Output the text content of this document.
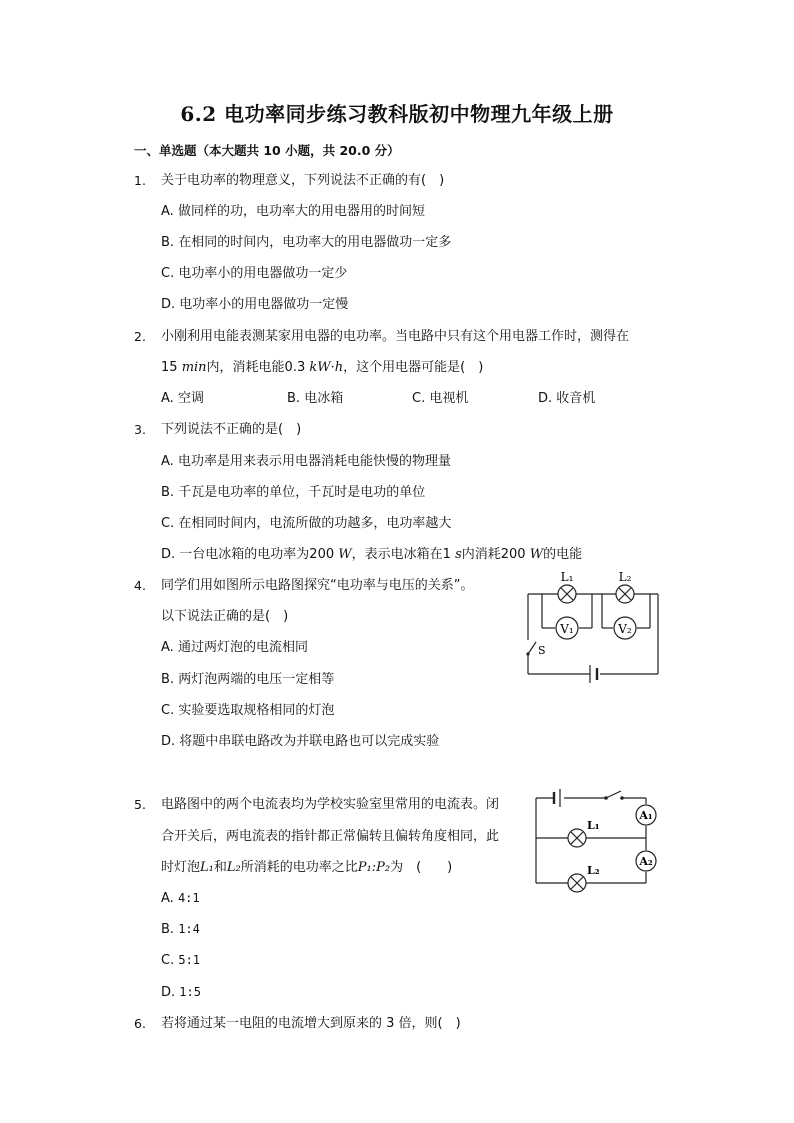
6.2 电功率同步练习教科版初中物理九年级上册
一、单选题（本大题共 10 小题，共 20.0 分）
1. 关于电功率的物理意义，下列说法不正确的有(　)
A. 做同样的功，电功率大的用电器用的时间短
B. 在相同的时间内，电功率大的用电器做功一定多
C. 电功率小的用电器做功一定少
D. 电功率小的用电器做功一定慢
2. 小刚利用电能表测某家用电器的电功率。当电路中只有这个用电器工作时，测得在
15 min内，消耗电能0.3 kW·h，这个用电器可能是(　)
A. 空调	B. 电冰箱	C. 电视机	D. 收音机
3. 下列说法不正确的是(　)
A. 电功率是用来表示用电器消耗电能快慢的物理量
B. 千瓦是电功率的单位，千瓦时是电功的单位
C. 在相同时间内，电流所做的功越多，电功率越大
D. 一台电冰箱的电功率为200 W，表示电冰箱在1 s内消耗200 W的电能
4. 同学们用如图所示电路图探究“电功率与电压的关系”。
以下说法正确的是(　)
A. 通过两灯泡的电流相同
B. 两灯泡两端的电压一定相等
C. 实验要选取规格相同的灯泡
D. 将题中串联电路改为并联电路也可以完成实验
V₁	V₂
L₁	L₂
S
5. 电路图中的两个电流表均为学校实验室里常用的电流表。闭
合开关后，两电流表的指针都正常偏转且偏转角度相同，此
时灯泡L₁和L₂所消耗的电功率之比P₁:P₂为　(　　)
A. 4:1
B. 1:4
C. 5:1
D. 1:5
A₁
A₂
L₁
L₂
6. 若将通过某一电阻的电流增大到原来的 3 倍，则(　)
